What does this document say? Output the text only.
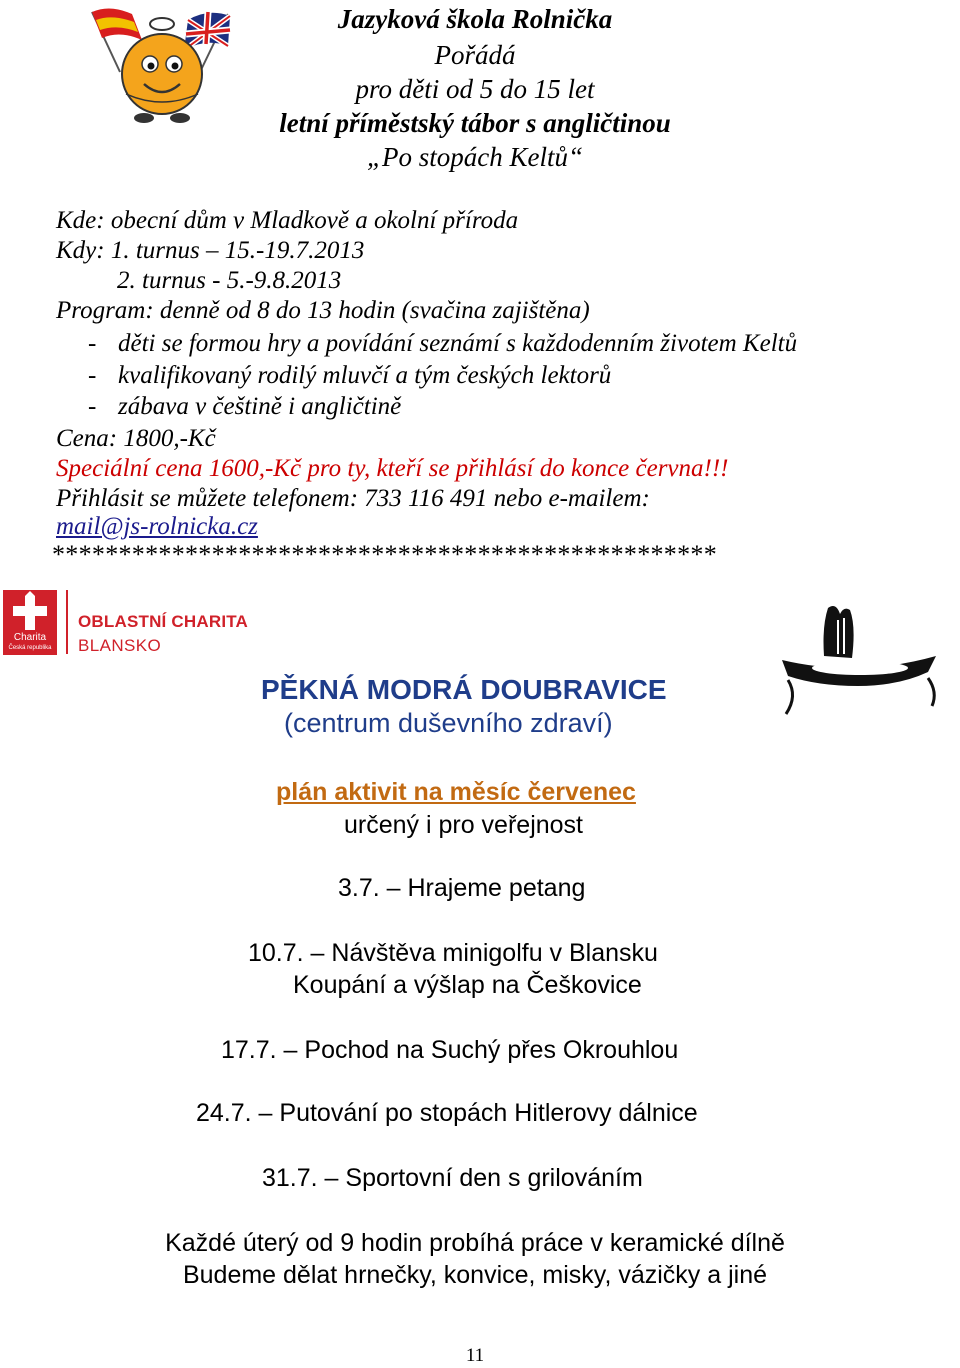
Jazyková škola Rolnička
Pořádá
pro děti od 5 do 15 let
letní příměstský tábor s angličtinou
„Po stopách Keltů“
Kde: obecní dům v Mladkově a okolní příroda
Kdy: 1. turnus – 15.-19.7.2013
2. turnus - 5.-9.8.2013
Program: denně od 8 do 13 hodin (svačina zajištěna)
- děti se formou hry a povídání seznámí s každodenním životem Keltů
- kvalifikovaný rodilý mluvčí a tým českých lektorů
- zábava v češtině i angličtině
Cena: 1800,-Kč
Speciální cena 1600,-Kč pro ty, kteří se přihlásí do konce června!!!
Přihlásit se můžete telefonem: 733 116 491 nebo e-mailem:
mail@js-rolnicka.cz
**************************************************
Charita
Česká republika
OBLASTNÍ CHARITA
BLANSKO
PĚKNÁ MODRÁ DOUBRAVICE
(centrum duševního zdraví)
plán aktivit na měsíc červenec
určený i pro veřejnost
3.7. – Hrajeme petang
10.7. – Návštěva minigolfu v Blansku
Koupání a výšlap na Češkovice
17.7. – Pochod na Suchý přes Okrouhlou
24.7. – Putování po stopách Hitlerovy dálnice
31.7. – Sportovní den s grilováním
Každé úterý od 9 hodin probíhá práce v keramické dílně
Budeme dělat hrnečky, konvice, misky, vázičky a jiné
11
